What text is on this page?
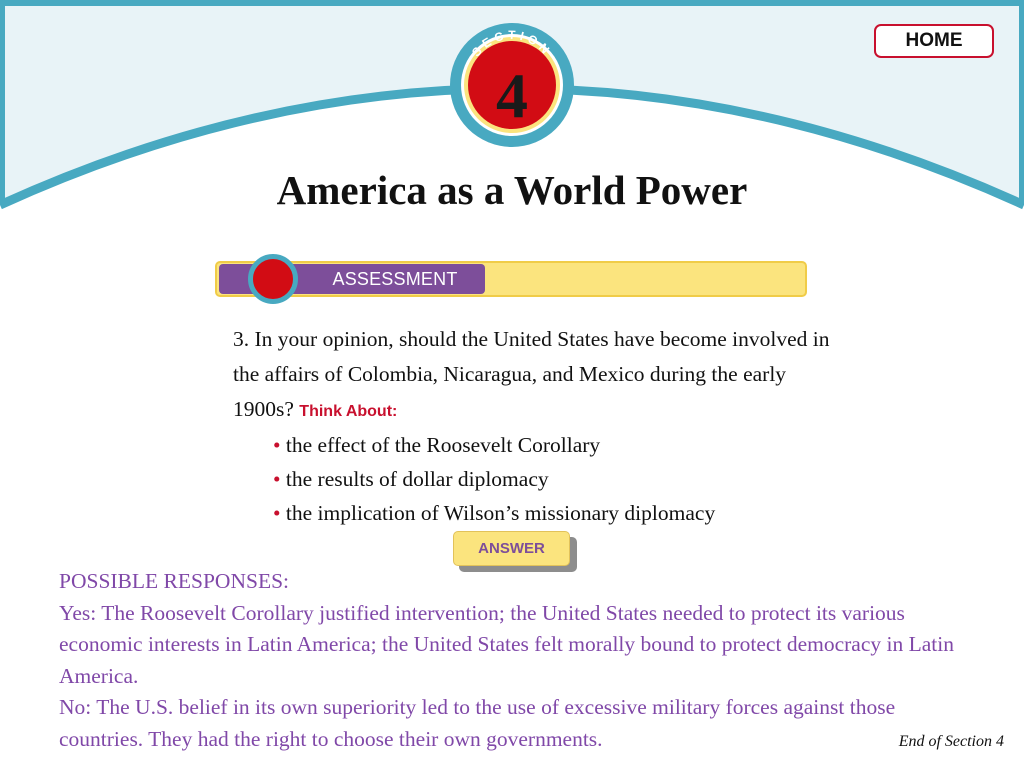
SECTION
4
HOME
America as a World Power
ASSESSMENT
3. In your opinion, should the United States have become involved in the affairs of Colombia, Nicaragua, and Mexico during the early 1900s? Think About:
• the effect of the Roosevelt Corollary
• the results of dollar diplomacy
• the implication of Wilson’s missionary diplomacy
ANSWER

POSSIBLE RESPONSES:

Yes: The Roosevelt Corollary justified intervention; the United States needed to protect its various economic interests in Latin America; the United States felt morally bound to protect democracy in Latin America.

No: The U.S. belief in its own superiority led to the use of excessive military forces against those countries. They had the right to choose their own governments.	End of Section 4
